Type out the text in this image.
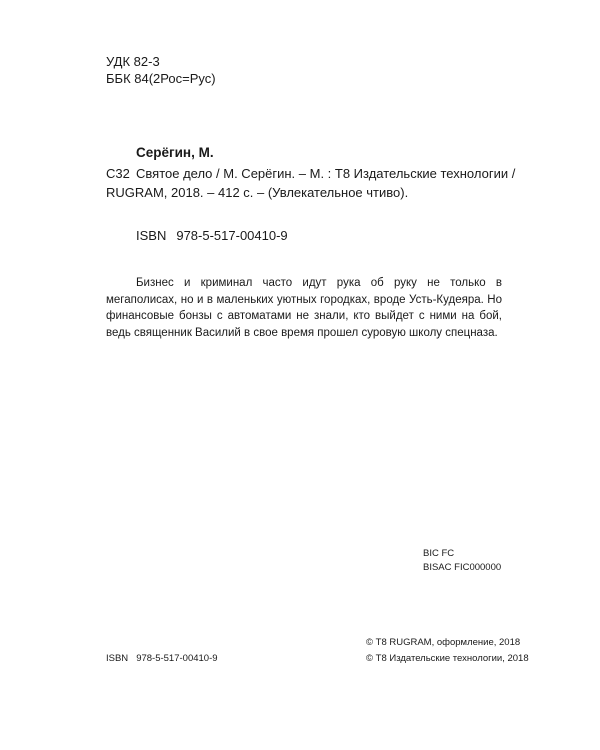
УДК 82-3
ББК 84(2Рос=Рус)
Серёгин, М.
С32 Святое дело / М. Серёгин. – М. : Т8 Издательские технологии /
RUGRAM, 2018. – 412 с. – (Увлекательное чтиво).
ISBN 978-5-517-00410-9
Бизнес и криминал часто идут рука об руку не только в мегаполисах, но и в маленьких уютных городках, вроде Усть-Кудеяра. Но финансовые бонзы с автоматами не знали, кто выйдет с ними на бой, ведь священник Василий в свое время прошел суровую школу спецназа.
BIC FC
BISAC FIC000000
© Т8 RUGRAM, оформление, 2018
ISBN 978-5-517-00410-9	© Т8 Издательские технологии, 2018
